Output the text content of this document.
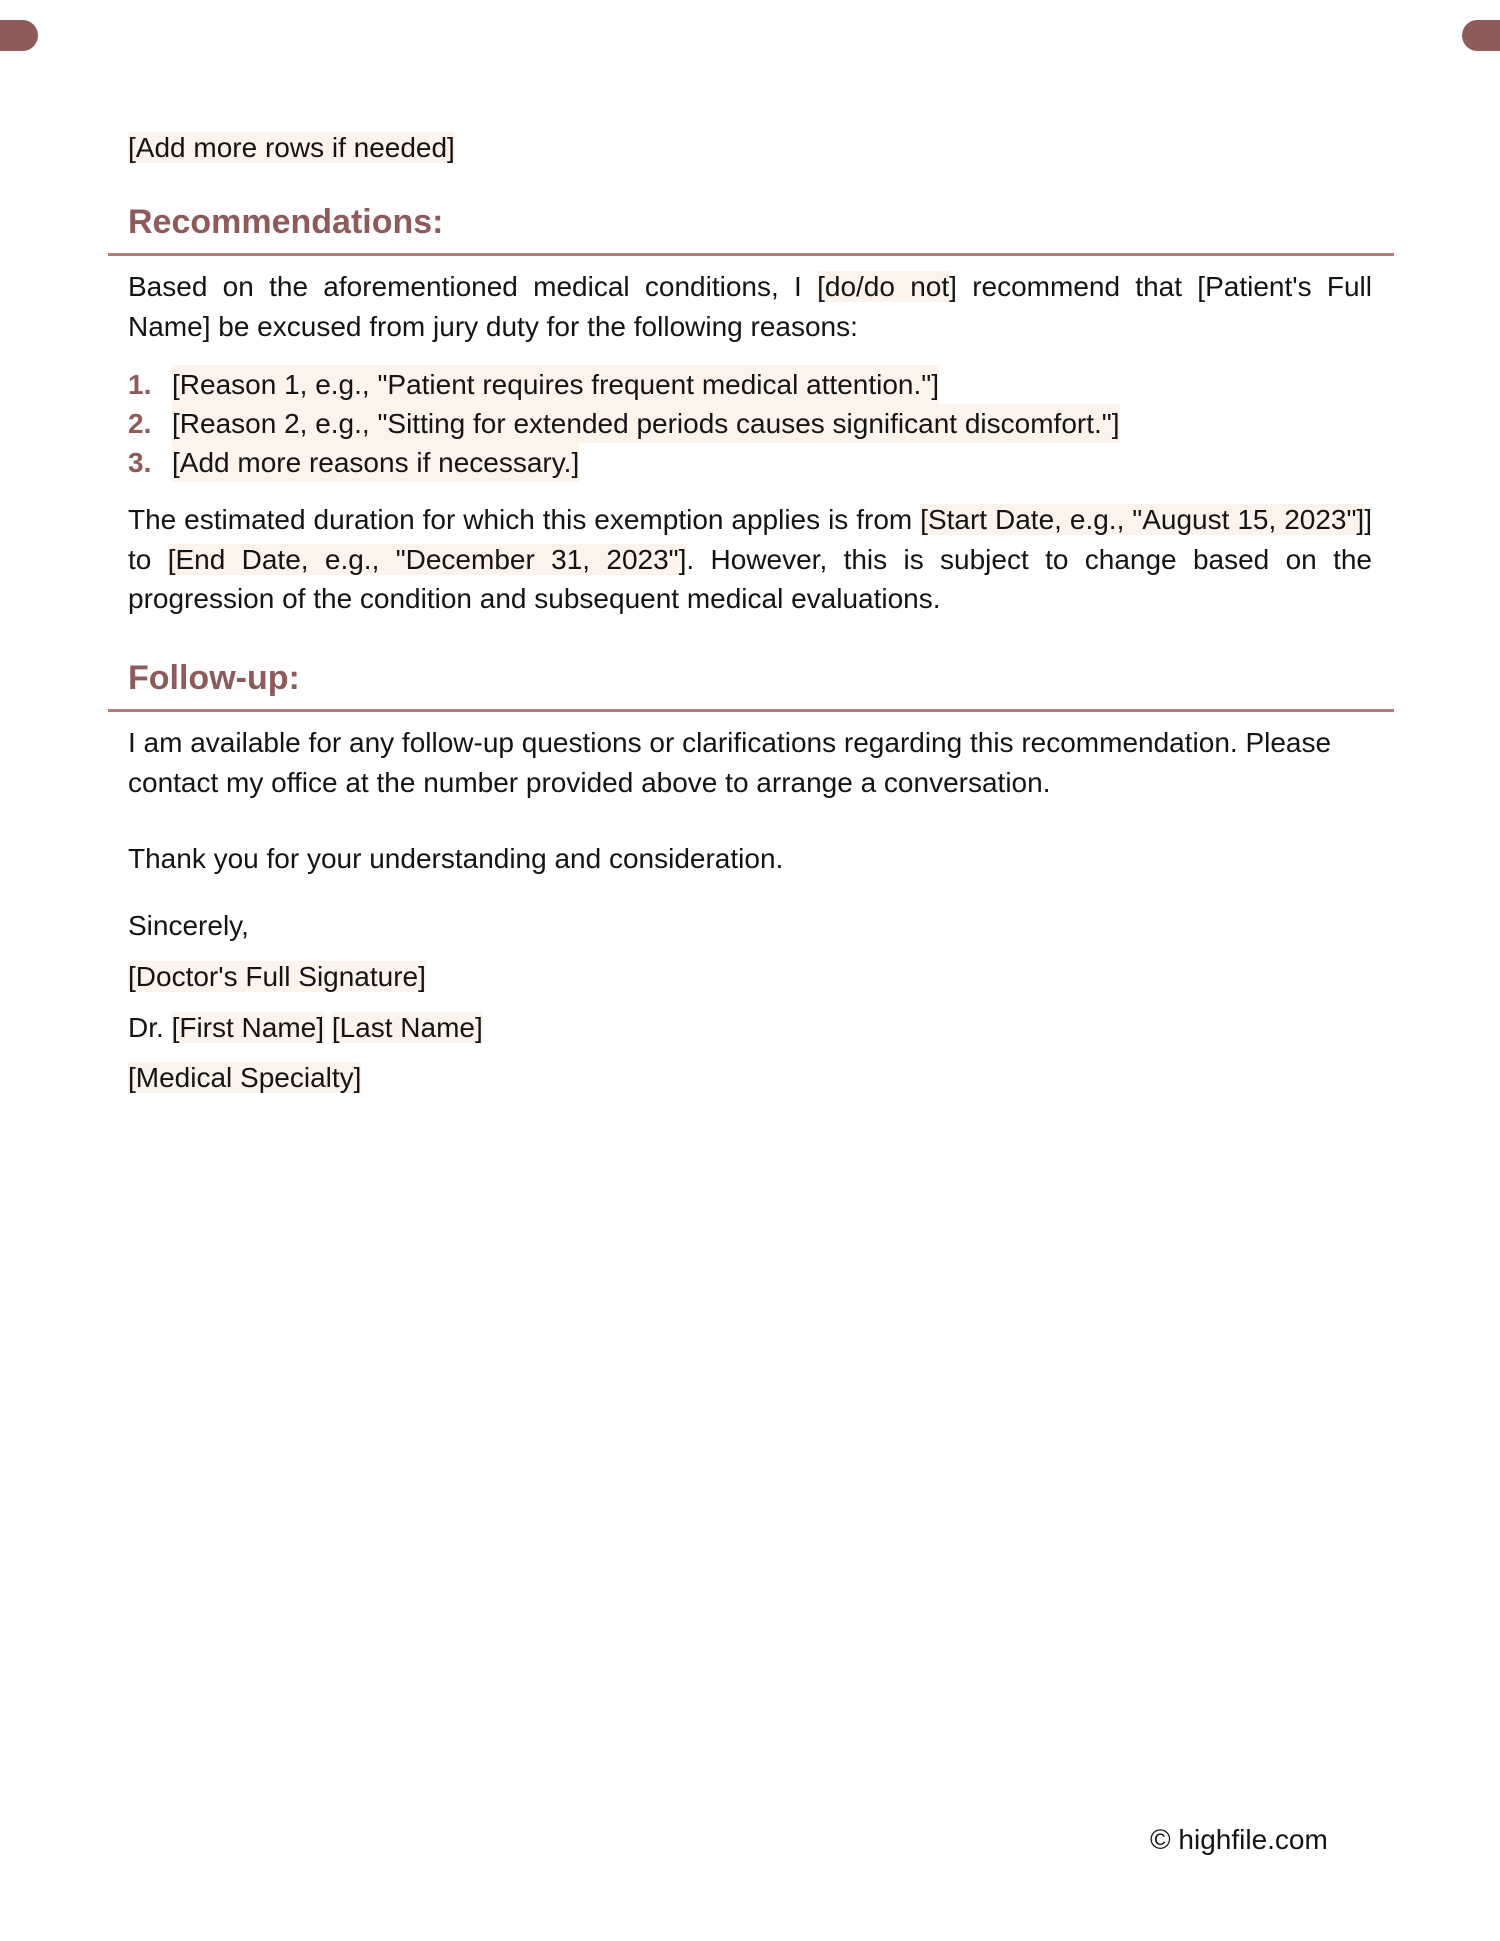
[Add more rows if needed]

Recommendations:

Based on the aforementioned medical conditions, I [do/do not] recommend that [Patient's Full Name] be excused from jury duty for the following reasons:

1. [Reason 1, e.g., "Patient requires frequent medical attention."]
2. [Reason 2, e.g., "Sitting for extended periods causes significant discomfort."]
3. [Add more reasons if necessary.]

The estimated duration for which this exemption applies is from [Start Date, e.g., "August 15, 2023"]] to [End Date, e.g., "December 31, 2023"]. However, this is subject to change based on the progression of the condition and subsequent medical evaluations.

Follow-up:

I am available for any follow-up questions or clarifications regarding this recommendation. Please contact my office at the number provided above to arrange a conversation.

Thank you for your understanding and consideration.

Sincerely,

[Doctor's Full Signature]

Dr. [First Name] [Last Name]

[Medical Specialty]

© highfile.com
